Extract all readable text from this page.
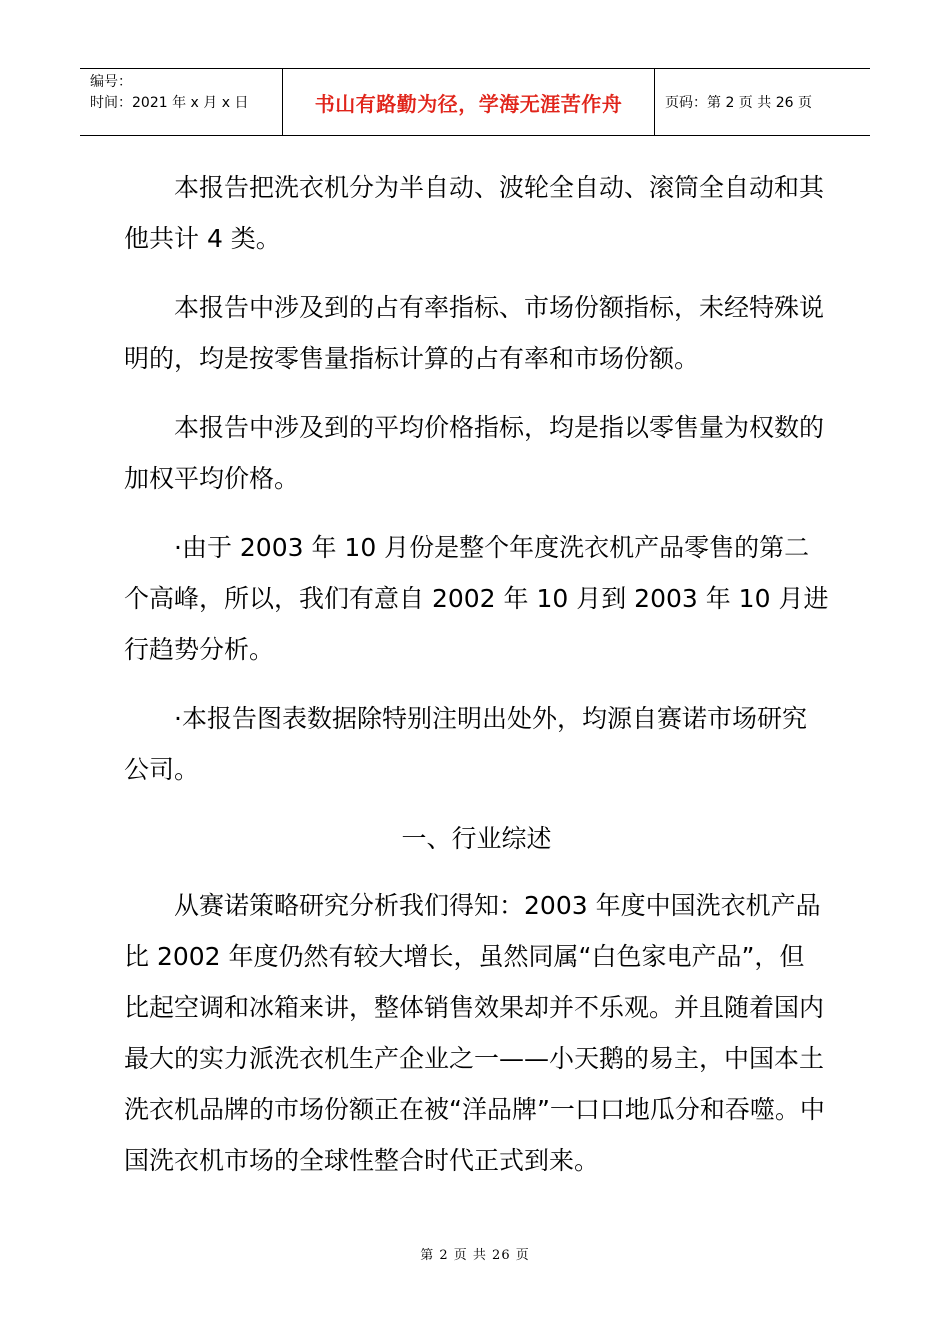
编号：
时间：2021 年 x 月 x 日	书山有路勤为径，学海无涯苦作舟	页码：第 2 页 共 26 页

本报告把洗衣机分为半自动、波轮全自动、滚筒全自动和其他共计 4 类。

本报告中涉及到的占有率指标、市场份额指标，未经特殊说明的，均是按零售量指标计算的占有率和市场份额。

本报告中涉及到的平均价格指标，均是指以零售量为权数的加权平均价格。

·由于 2003 年 10 月份是整个年度洗衣机产品零售的第二个高峰，所以，我们有意自 2002 年 10 月到 2003 年 10 月进行趋势分析。

·本报告图表数据除特别注明出处外，均源自赛诺市场研究公司。

一、行业综述

从赛诺策略研究分析我们得知：2003 年度中国洗衣机产品比 2002 年度仍然有较大增长，虽然同属“白色家电产品”，但比起空调和冰箱来讲，整体销售效果却并不乐观。并且随着国内最大的实力派洗衣机生产企业之一——小天鹅的易主，中国本土洗衣机品牌的市场份额正在被“洋品牌”一口口地瓜分和吞噬。中国洗衣机市场的全球性整合时代正式到来。

第 2 页 共 26 页
